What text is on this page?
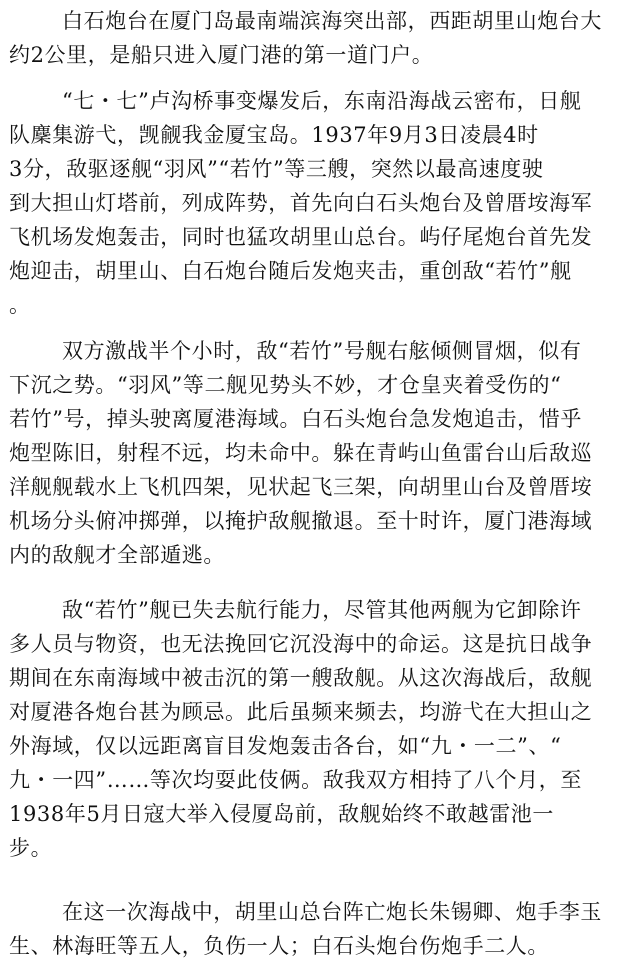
白石炮台在厦门岛最南端滨海突出部，西距胡里山炮台大
约2公里，是船只进入厦门港的第一道门户。
“七・七”卢沟桥事变爆发后，东南沿海战云密布，日舰
队麇集游弋，觊觎我金厦宝岛。1937年9月3日凌晨4时
3分，敌驱逐舰“羽风”“若竹”等三艘，突然以最高速度驶
到大担山灯塔前，列成阵势，首先向白石头炮台及曾厝垵海军
飞机场发炮轰击，同时也猛攻胡里山总台。屿仔尾炮台首先发
炮迎击，胡里山、白石炮台随后发炮夹击，重创敌“若竹”舰
。
双方激战半个小时，敌“若竹”号舰右舷倾侧冒烟，似有
下沉之势。“羽风”等二舰见势头不妙，才仓皇夹着受伤的“
若竹”号，掉头驶离厦港海域。白石头炮台急发炮追击，惜乎
炮型陈旧，射程不远，均未命中。躲在青屿山鱼雷台山后敌巡
洋舰舰载水上飞机四架，见状起飞三架，向胡里山台及曾厝垵
机场分头俯冲掷弹，以掩护敌舰撤退。至十时许，厦门港海域
内的敌舰才全部遁逃。
敌“若竹”舰已失去航行能力，尽管其他两舰为它卸除许
多人员与物资，也无法挽回它沉没海中的命运。这是抗日战争
期间在东南海域中被击沉的第一艘敌舰。从这次海战后，敌舰
对厦港各炮台甚为顾忌。此后虽频来频去，均游弋在大担山之
外海域，仅以远距离盲目发炮轰击各台，如“九・一二”、“
九・一四”……等次均耍此伎俩。敌我双方相持了八个月，至
1938年5月日寇大举入侵厦岛前，敌舰始终不敢越雷池一
步。
在这一次海战中，胡里山总台阵亡炮长朱锡卿、炮手李玉
生、林海旺等五人，负伤一人；白石头炮台伤炮手二人。
